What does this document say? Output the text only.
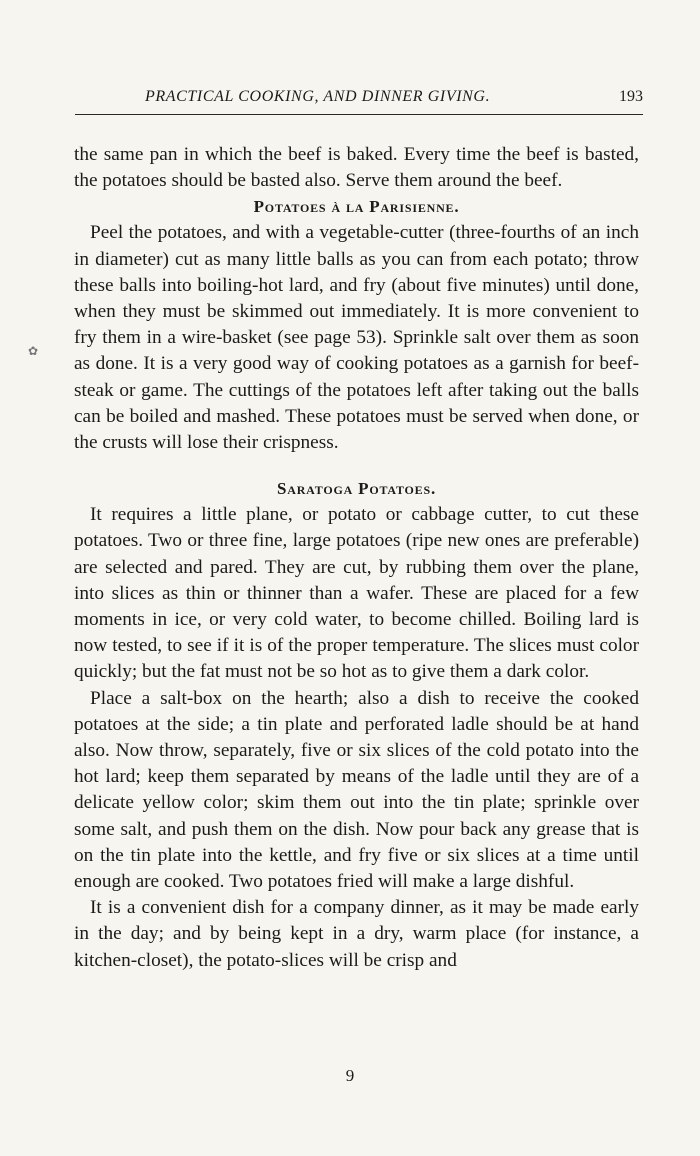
PRACTICAL COOKING, AND DINNER GIVING.	193
✿

the same pan in which the beef is baked. Every time the beef is basted, the potatoes should be basted also. Serve them around the beef.

Potatoes à la Parisienne.

Peel the potatoes, and with a vegetable-cutter (three-fourths of an inch in diameter) cut as many little balls as you can from each potato; throw these balls into boiling-hot lard, and fry (about five minutes) until done, when they must be skimmed out immediately. It is more convenient to fry them in a wire-basket (see page 53). Sprinkle salt over them as soon as done. It is a very good way of cooking potatoes as a garnish for beef-steak or game. The cuttings of the potatoes left after taking out the balls can be boiled and mashed. These potatoes must be served when done, or the crusts will lose their crispness.

Saratoga Potatoes.

It requires a little plane, or potato or cabbage cutter, to cut these potatoes. Two or three fine, large potatoes (ripe new ones are preferable) are selected and pared. They are cut, by rubbing them over the plane, into slices as thin or thinner than a wafer. These are placed for a few moments in ice, or very cold water, to become chilled. Boiling lard is now tested, to see if it is of the proper temperature. The slices must color quickly; but the fat must not be so hot as to give them a dark color.

Place a salt-box on the hearth; also a dish to receive the cooked potatoes at the side; a tin plate and perforated ladle should be at hand also. Now throw, separately, five or six slices of the cold potato into the hot lard; keep them separated by means of the ladle until they are of a delicate yellow color; skim them out into the tin plate; sprinkle over some salt, and push them on the dish. Now pour back any grease that is on the tin plate into the kettle, and fry five or six slices at a time until enough are cooked. Two potatoes fried will make a large dishful.

It is a convenient dish for a company dinner, as it may be made early in the day; and by being kept in a dry, warm place (for instance, a kitchen-closet), the potato-slices will be crisp and

9
